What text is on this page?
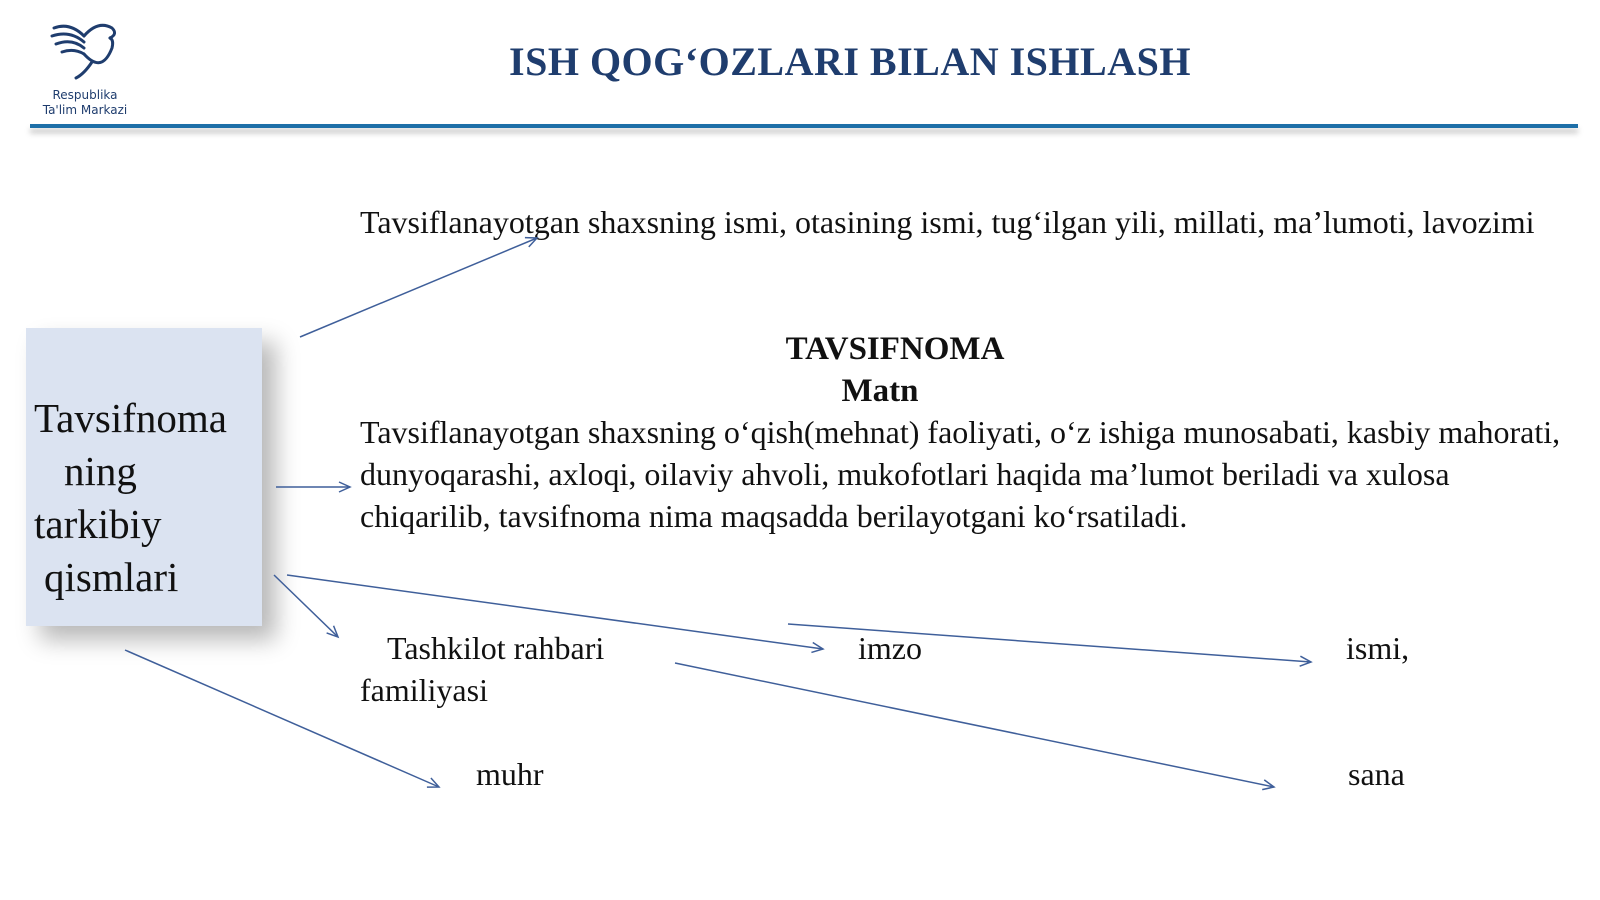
Respublika
Ta'lim Markazi
ISH QOG‘OZLARI BILAN ISHLASH
Tavsifnoma
ning
tarkibiy
qismlari
Tavsiflanayotgan shaxsning ismi, otasining ismi, tug‘ilgan yili, millati, ma’lumoti, lavozimi
TAVSIFNOMA
Matn
Tavsiflanayotgan shaxsning o‘qish(mehnat) faoliyati, o‘z ishiga munosabati, kasbiy mahorati, dunyoqarashi, axloqi, oilaviy ahvoli, mukofotlari haqida ma’lumot beriladi va xulosa chiqarilib, tavsifnoma nima maqsadda berilayotgani ko‘rsatiladi.
Tashkilot rahbari
familiyasi
imzo	ismi,
muhr	sana
